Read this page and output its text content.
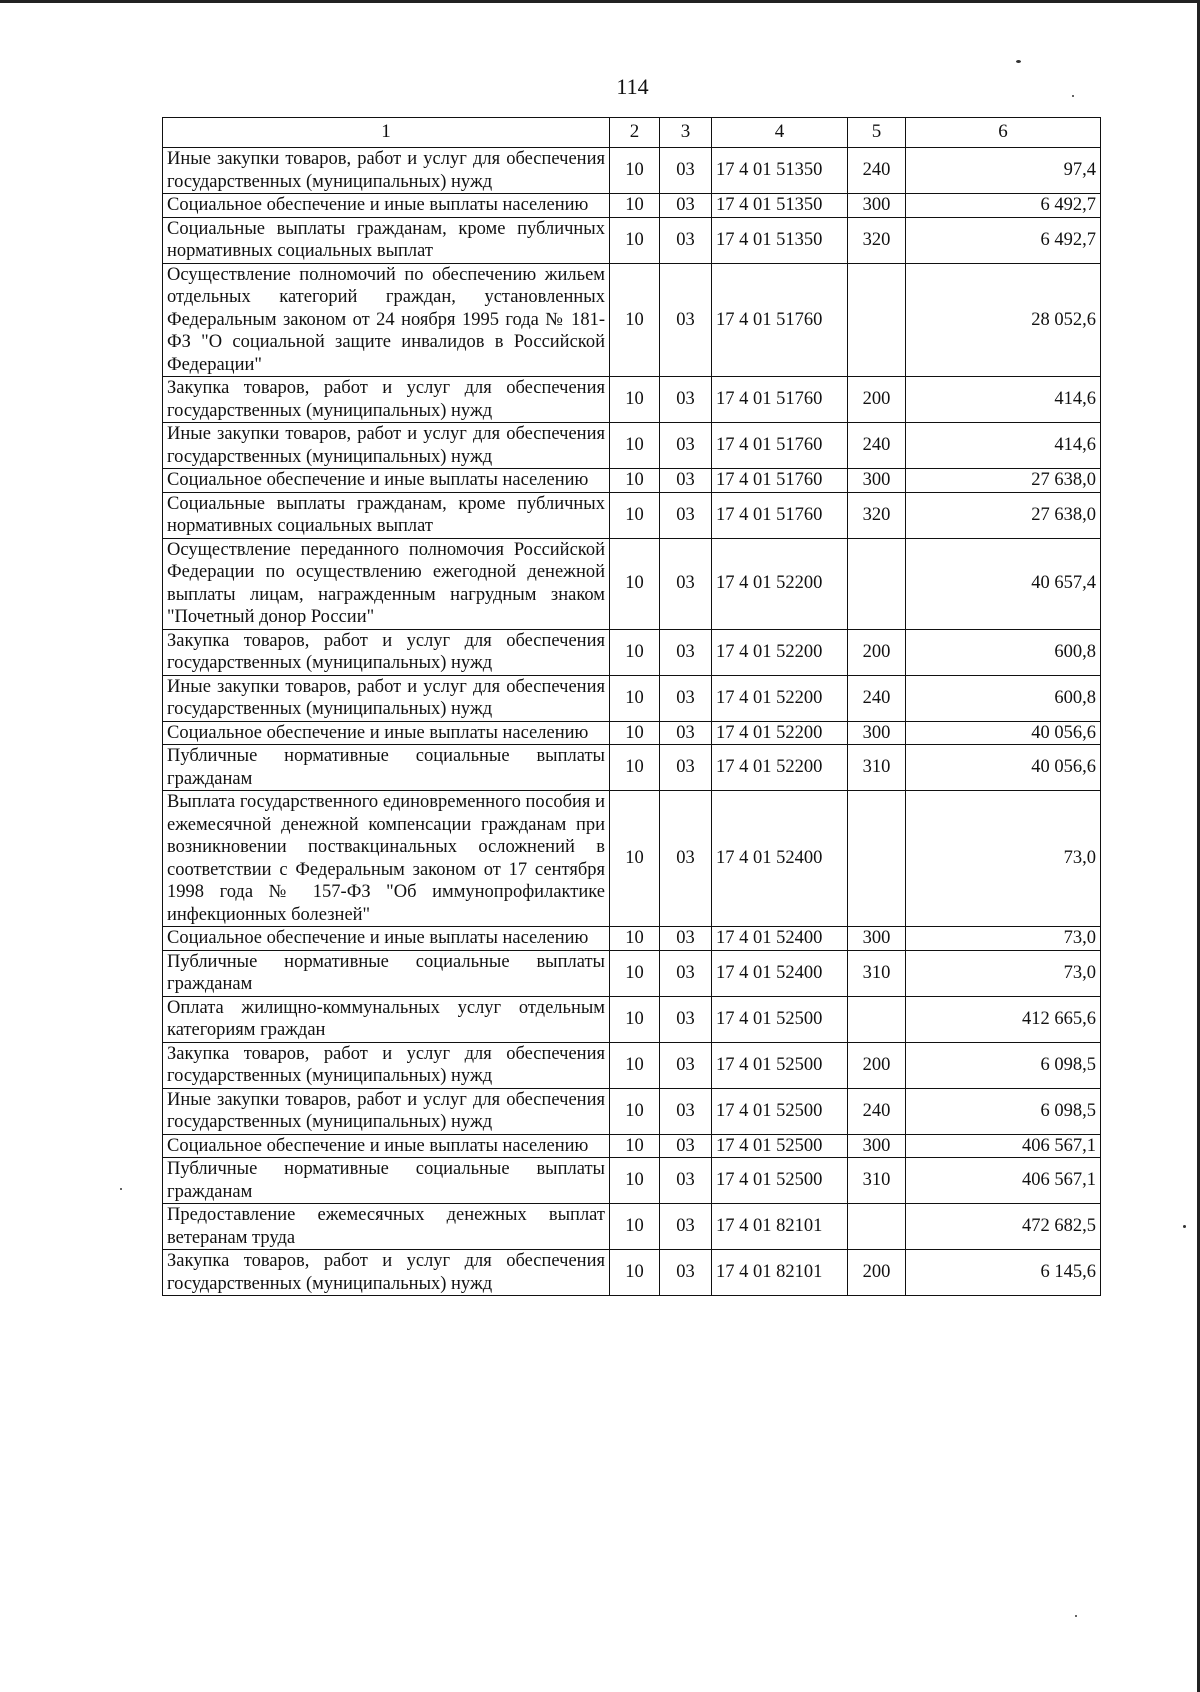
114
1	2	3	4	5	6
Иные закупки товаров, работ и услуг для обеспечения государственных (муниципальных) нужд	10	03	17 4 01 51350	240	97,4
Социальное обеспечение и иные выплаты населению	10	03	17 4 01 51350	300	6 492,7
Социальные выплаты гражданам, кроме публичных нормативных социальных выплат	10	03	17 4 01 51350	320	6 492,7
Осуществление полномочий по обеспечению жильем отдельных категорий граждан, установленных Федеральным законом от 24 ноября 1995 года № 181-ФЗ "О социальной защите инвалидов в Российской Федерации"	10	03	17 4 01 51760		28 052,6
Закупка товаров, работ и услуг для обеспечения государственных (муниципальных) нужд	10	03	17 4 01 51760	200	414,6
Иные закупки товаров, работ и услуг для обеспечения государственных (муниципальных) нужд	10	03	17 4 01 51760	240	414,6
Социальное обеспечение и иные выплаты населению	10	03	17 4 01 51760	300	27 638,0
Социальные выплаты гражданам, кроме публичных нормативных социальных выплат	10	03	17 4 01 51760	320	27 638,0
Осуществление переданного полномочия Российской Федерации по осуществлению ежегодной денежной выплаты лицам, награжденным нагрудным знаком "Почетный донор России"	10	03	17 4 01 52200		40 657,4
Закупка товаров, работ и услуг для обеспечения государственных (муниципальных) нужд	10	03	17 4 01 52200	200	600,8
Иные закупки товаров, работ и услуг для обеспечения государственных (муниципальных) нужд	10	03	17 4 01 52200	240	600,8
Социальное обеспечение и иные выплаты населению	10	03	17 4 01 52200	300	40 056,6
Публичные нормативные социальные выплаты гражданам	10	03	17 4 01 52200	310	40 056,6
Выплата государственного единовременного пособия и ежемесячной денежной компенсации гражданам при возникновении поствакцинальных осложнений в соответствии с Федеральным законом от 17 сентября 1998 года № 157-ФЗ "Об иммунопрофилактике инфекционных болезней"	10	03	17 4 01 52400		73,0
Социальное обеспечение и иные выплаты населению	10	03	17 4 01 52400	300	73,0
Публичные нормативные социальные выплаты гражданам	10	03	17 4 01 52400	310	73,0
Оплата жилищно-коммунальных услуг отдельным категориям граждан	10	03	17 4 01 52500		412 665,6
Закупка товаров, работ и услуг для обеспечения государственных (муниципальных) нужд	10	03	17 4 01 52500	200	6 098,5
Иные закупки товаров, работ и услуг для обеспечения государственных (муниципальных) нужд	10	03	17 4 01 52500	240	6 098,5
Социальное обеспечение и иные выплаты населению	10	03	17 4 01 52500	300	406 567,1
Публичные нормативные социальные выплаты гражданам	10	03	17 4 01 52500	310	406 567,1
Предоставление ежемесячных денежных выплат ветеранам труда	10	03	17 4 01 82101		472 682,5
Закупка товаров, работ и услуг для обеспечения государственных (муниципальных) нужд	10	03	17 4 01 82101	200	6 145,6
